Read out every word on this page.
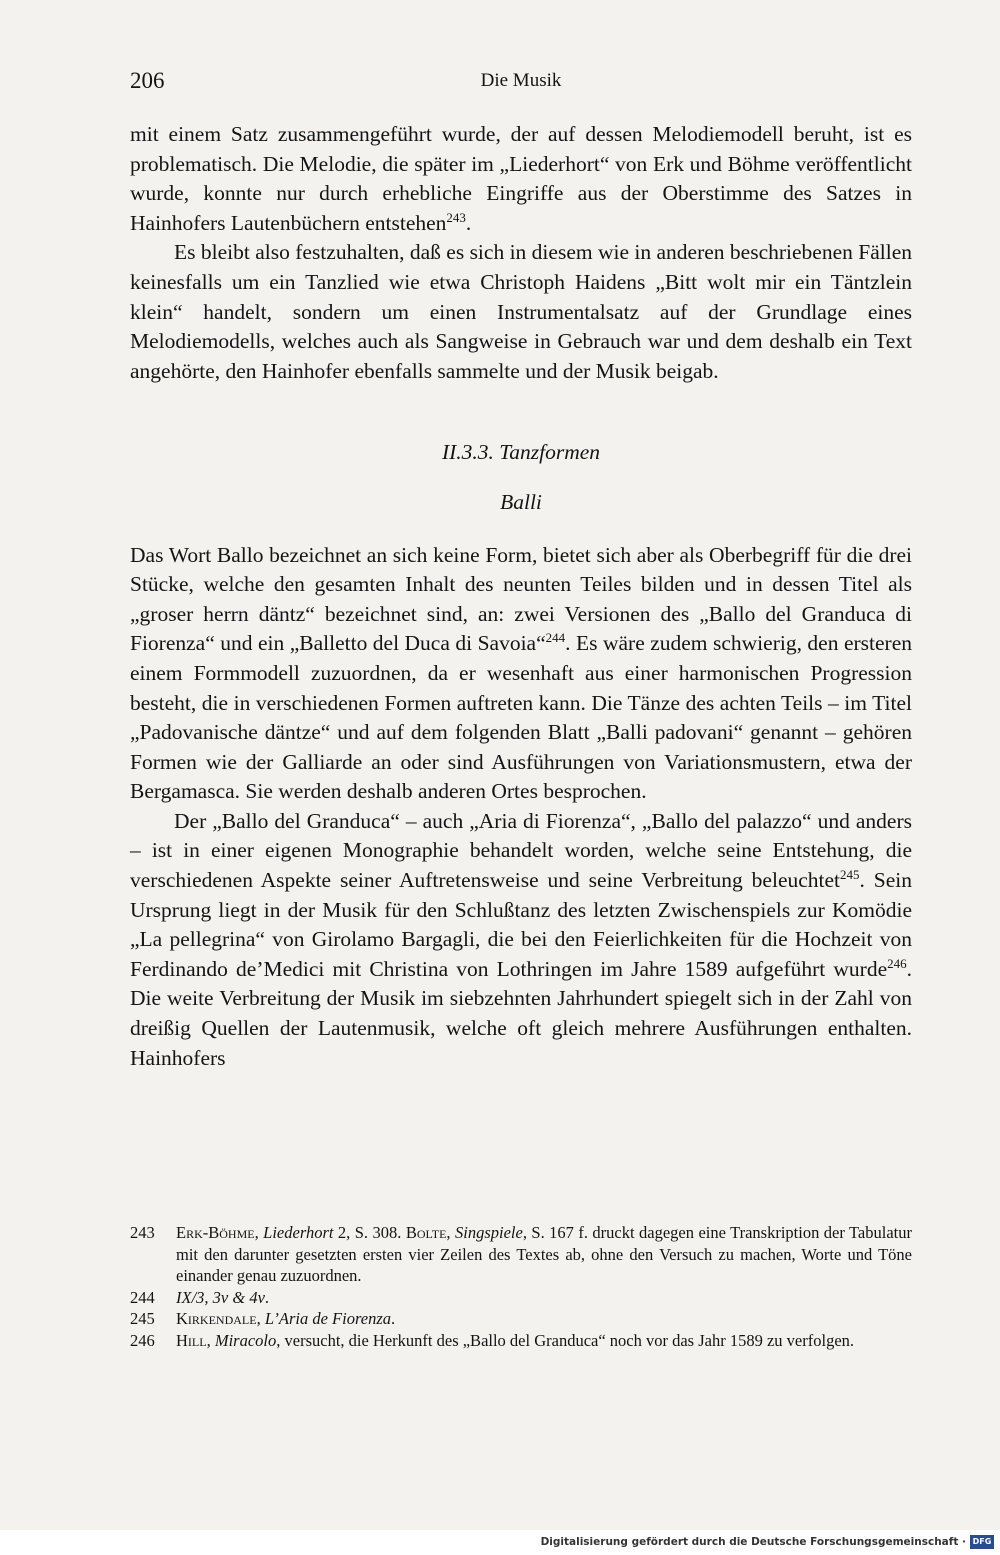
206	Die Musik

mit einem Satz zusammengeführt wurde, der auf dessen Melodiemodell beruht, ist es problematisch. Die Melodie, die später im „Liederhort“ von Erk und Böhme veröffentlicht wurde, konnte nur durch erhebliche Eingriffe aus der Oberstimme des Satzes in Hainhofers Lautenbüchern entstehen$^{243}$.

Es bleibt also festzuhalten, daß es sich in diesem wie in anderen beschriebenen Fällen keinesfalls um ein Tanzlied wie etwa Christoph Haidens „Bitt wolt mir ein Täntzlein klein“ handelt, sondern um einen Instrumentalsatz auf der Grundlage eines Melodiemodells, welches auch als Sangweise in Gebrauch war und dem deshalb ein Text angehörte, den Hainhofer ebenfalls sammelte und der Musik beigab.

II.3.3. Tanzformen

Balli

Das Wort Ballo bezeichnet an sich keine Form, bietet sich aber als Oberbegriff für die drei Stücke, welche den gesamten Inhalt des neunten Teiles bilden und in dessen Titel als „groser herrn däntz“ bezeichnet sind, an: zwei Versionen des „Ballo del Granduca di Fiorenza“ und ein „Balletto del Duca di Savoia“$^{244}$. Es wäre zudem schwierig, den ersteren einem Formmodell zuzuordnen, da er wesenhaft aus einer harmonischen Progression besteht, die in verschiedenen Formen auftreten kann. Die Tänze des achten Teils – im Titel „Padovanische däntze“ und auf dem folgenden Blatt „Balli padovani“ genannt – gehören Formen wie der Galliarde an oder sind Ausführungen von Variationsmustern, etwa der Bergamasca. Sie werden deshalb anderen Ortes besprochen.

Der „Ballo del Granduca“ – auch „Aria di Fiorenza“, „Ballo del palazzo“ und anders – ist in einer eigenen Monographie behandelt worden, welche seine Entstehung, die verschiedenen Aspekte seiner Auftretensweise und seine Verbreitung beleuchtet$^{245}$. Sein Ursprung liegt in der Musik für den Schlußtanz des letzten Zwischenspiels zur Komödie „La pellegrina“ von Girolamo Bargagli, die bei den Feierlichkeiten für die Hochzeit von Ferdinando de’Medici mit Christina von Lothringen im Jahre 1589 aufgeführt wurde$^{246}$. Die weite Verbreitung der Musik im siebzehnten Jahrhundert spiegelt sich in der Zahl von dreißig Quellen der Lautenmusik, welche oft gleich mehrere Ausführungen enthalten. Hainhofers

243	Erk-Böhme, Liederhort 2, S. 308. Bolte, Singspiele, S. 167 f. druckt dagegen eine Transkription der Tabulatur mit den darunter gesetzten ersten vier Zeilen des Textes ab, ohne den Versuch zu machen, Worte und Töne einander genau zuzuordnen.
244	IX/3, 3v & 4v.
245	Kirkendale, L’Aria de Fiorenza.
246	Hill, Miracolo, versucht, die Herkunft des „Ballo del Granduca“ noch vor das Jahr 1589 zu verfolgen.
Digitalisierung gefördert durch die Deutsche Forschungsgemeinschaft · DFG
